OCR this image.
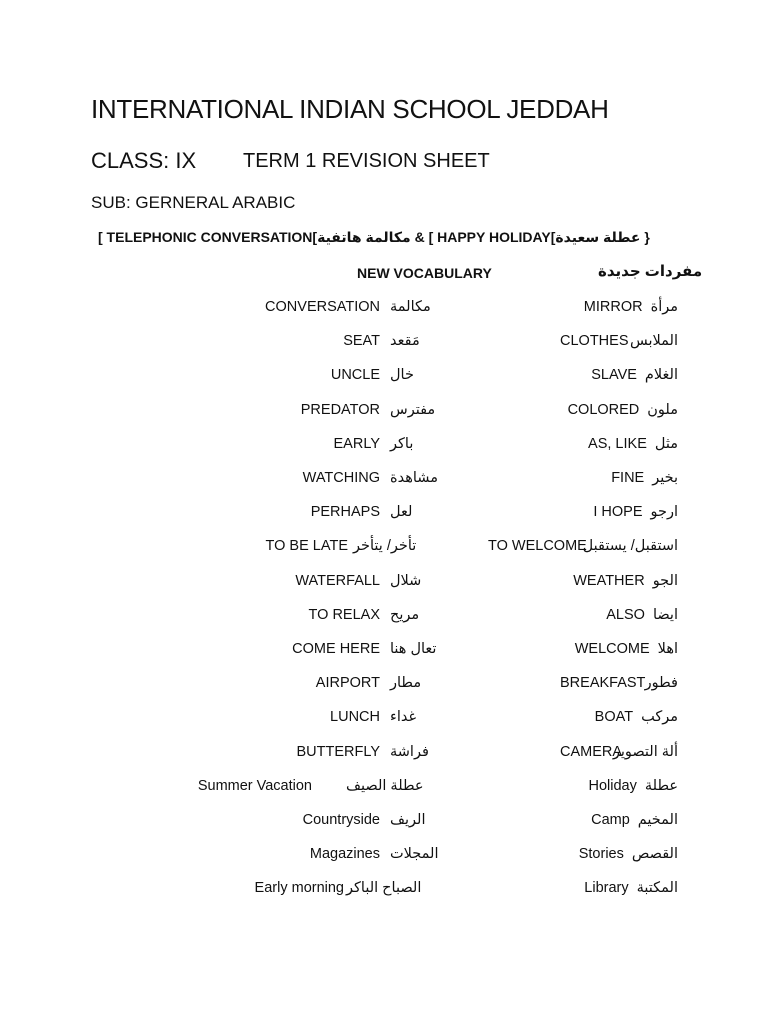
INTERNATIONAL INDIAN SCHOOL JEDDAH
CLASS: IX TERM 1 REVISION SHEET
SUB: GERNERAL ARABIC
[ TELEPHONIC CONVERSATION[مكالمة هاتفية & [ HAPPY HOLIDAY[عطلة سعيدة }
NEW VOCABULARY	مفردات جديدة
CONVERSATION مكالمة
SEAT مَقعد
UNCLE خال
PREDATOR مفترس
EARLY باكر
WATCHING مشاهدة
PERHAPS لعل
TO BE LATE تأخر/ يتأخر
WATERFALL شلال
TO RELAX مريح
COME HERE تعال هنا
AIRPORT مطار
LUNCH غداء
BUTTERFLY فراشة
Summer Vacation عطلة الصيف
Countryside الريف
Magazines المجلات
Early morning الصباح الباكر
MIRROR مرأة
CLOTHES الملابس
SLAVE الغلام
COLORED ملون
AS, LIKE مثل
FINE بخير
I HOPE ارجو
TO WELCOME
استقبل/ يستقبل
WEATHER الجو
ALSO ايضا
WELCOME اهلا
BREAKFAST فطور
BOAT مركب
CAMERA
ألة التصوير
Holiday عطلة
Camp المخيم
Stories القصص
Library المكتبة
